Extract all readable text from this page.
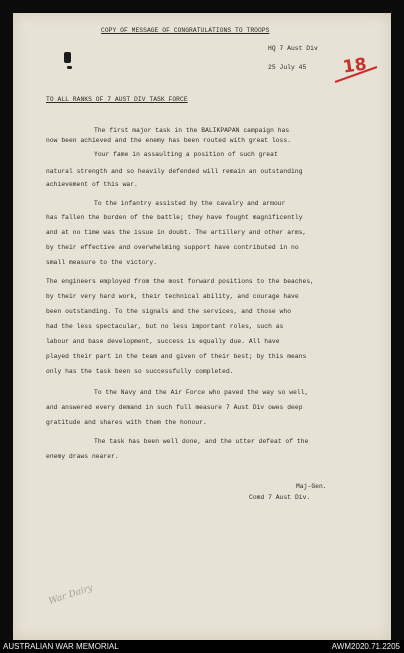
COPY OF MESSAGE OF CONGRATULATIONS TO TROOPS
HQ 7 Aust Div
25 July 45 18
TO ALL RANKS OF 7 AUST DIV TASK FORCE
The first major task in the BALIKPAPAN campaign has
now been achieved and the enemy has been routed with great loss.
Your fame in assaulting a position of such great
natural strength and so heavily defended will remain an outstanding
achievement of this war.
To the infantry assisted by the cavalry and armour
has fallen the burden of the battle; they have fought magnificently
and at no time was the issue in doubt. The artillery and other arms,
by their effective and overwhelming support have contributed in no
small measure to the victory.
The engineers employed from the most forward positions to the beaches,
by their very hard work, their technical ability, and courage have
been outstanding. To the signals and the services, and those who
had the less spectacular, but no less important roles, such as
labour and base development, success is equally due. All have
played their part in the team and given of their best; by this means
only has the task been so successfully completed.
To the Navy and the Air Force who paved the way so well,
and answered every demand in such full measure 7 Aust Div owes deep
gratitude and shares with them the honour.
The task has been well done, and the utter defeat of the
enemy draws nearer.
Maj-Gen.
Comd 7 Aust Div.
War Dairy
AUSTRALIAN WAR MEMORIAL	AWM2020.71.2205
